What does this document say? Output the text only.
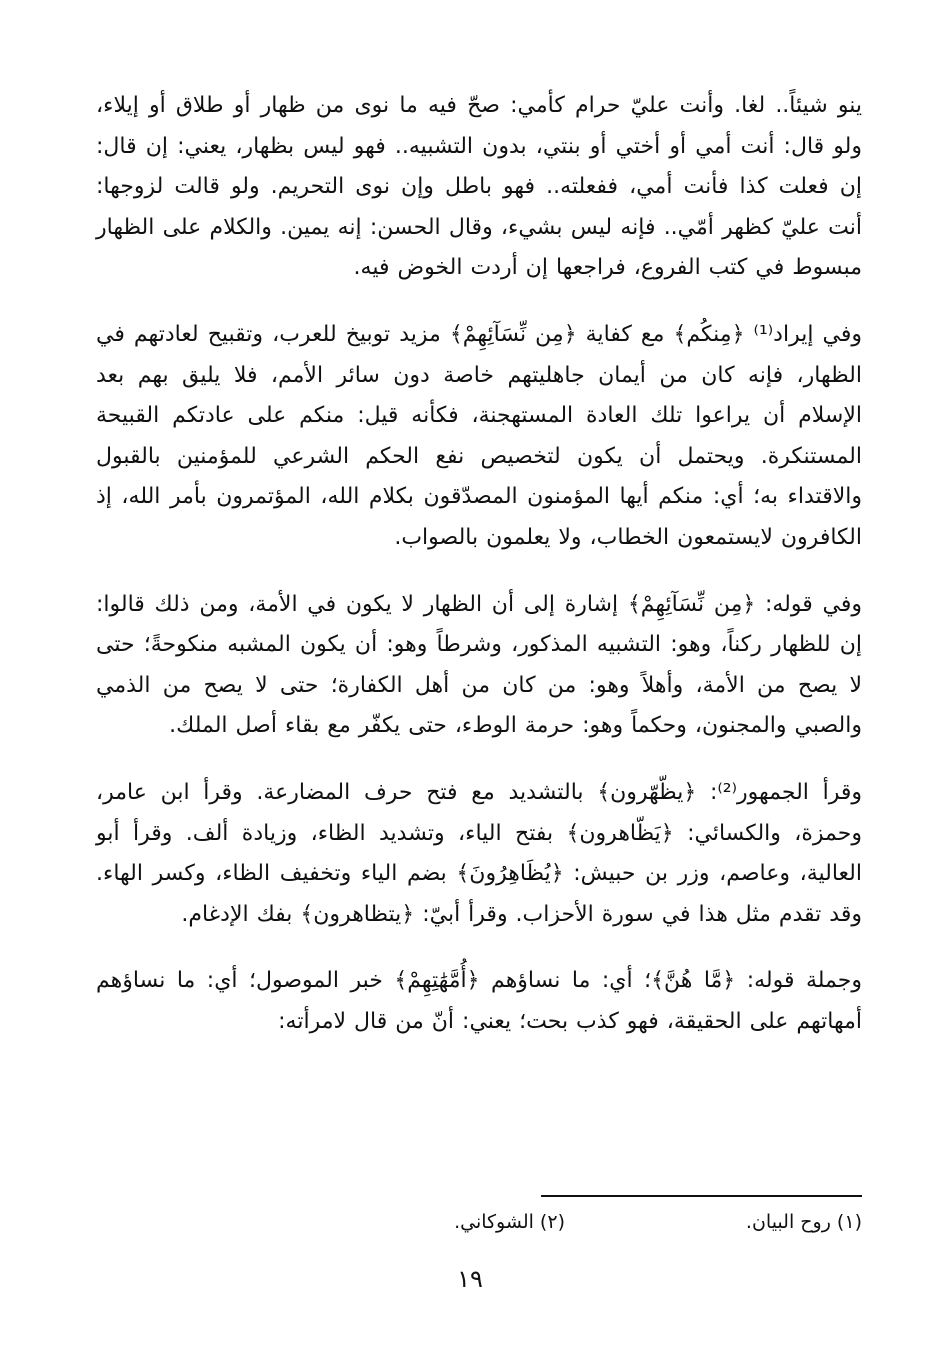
ينو شيئاً.. لغا. وأنت عليّ حرام كأمي: صحّ فيه ما نوى من ظهار أو طلاق أو إيلاء، ولو قال: أنت أمي أو أختي أو بنتي، بدون التشبيه.. فهو ليس بظهار، يعني: إن قال: إن فعلت كذا فأنت أمي، ففعلته.. فهو باطل وإن نوى التحريم. ولو قالت لزوجها: أنت عليّ كظهر أمّي.. فإنه ليس بشيء، وقال الحسن: إنه يمين. والكلام على الظهار مبسوط في كتب الفروع، فراجعها إن أردت الخوض فيه.

وفي إيراد⁽¹⁾ ﴿مِنكُم﴾ مع كفاية ﴿مِن نِّسَآئِهِمْ﴾ مزيد توبيخ للعرب، وتقبيح لعادتهم في الظهار، فإنه كان من أيمان جاهليتهم خاصة دون سائر الأمم، فلا يليق بهم بعد الإسلام أن يراعوا تلك العادة المستهجنة، فكأنه قيل: منكم على عادتكم القبيحة المستنكرة. ويحتمل أن يكون لتخصيص نفع الحكم الشرعي للمؤمنين بالقبول والاقتداء به؛ أي: منكم أيها المؤمنون المصدّقون بكلام الله، المؤتمرون بأمر الله، إذ الكافرون لايستمعون الخطاب، ولا يعلمون بالصواب.

وفي قوله: ﴿مِن نِّسَآئِهِمْ﴾ إشارة إلى أن الظهار لا يكون في الأمة، ومن ذلك قالوا: إن للظهار ركناً، وهو: التشبيه المذكور، وشرطاً وهو: أن يكون المشبه منكوحةً؛ حتى لا يصح من الأمة، وأهلاً وهو: من كان من أهل الكفارة؛ حتى لا يصح من الذمي والصبي والمجنون، وحكماً وهو: حرمة الوطء، حتى يكفّر مع بقاء أصل الملك.

وقرأ الجمهور⁽²⁾: ﴿يظّهّرون﴾ بالتشديد مع فتح حرف المضارعة. وقرأ ابن عامر، وحمزة، والكسائي: ﴿يَظّاهرون﴾ بفتح الياء، وتشديد الظاء، وزيادة ألف. وقرأ أبو العالية، وعاصم، وزر بن حبيش: ﴿يُظَاهِرُونَ﴾ بضم الياء وتخفيف الظاء، وكسر الهاء. وقد تقدم مثل هذا في سورة الأحزاب. وقرأ أبيّ: ﴿يتظاهرون﴾ بفك الإدغام.

وجملة قوله: ﴿مَّا هُنَّ﴾؛ أي: ما نساؤهم ﴿أُمَّهَٰتِهِمْ﴾ خبر الموصول؛ أي: ما نساؤهم أمهاتهم على الحقيقة، فهو كذب بحت؛ يعني: أنّ من قال لامرأته:

(١) روح البيان.
(٢) الشوكاني.
١٩
